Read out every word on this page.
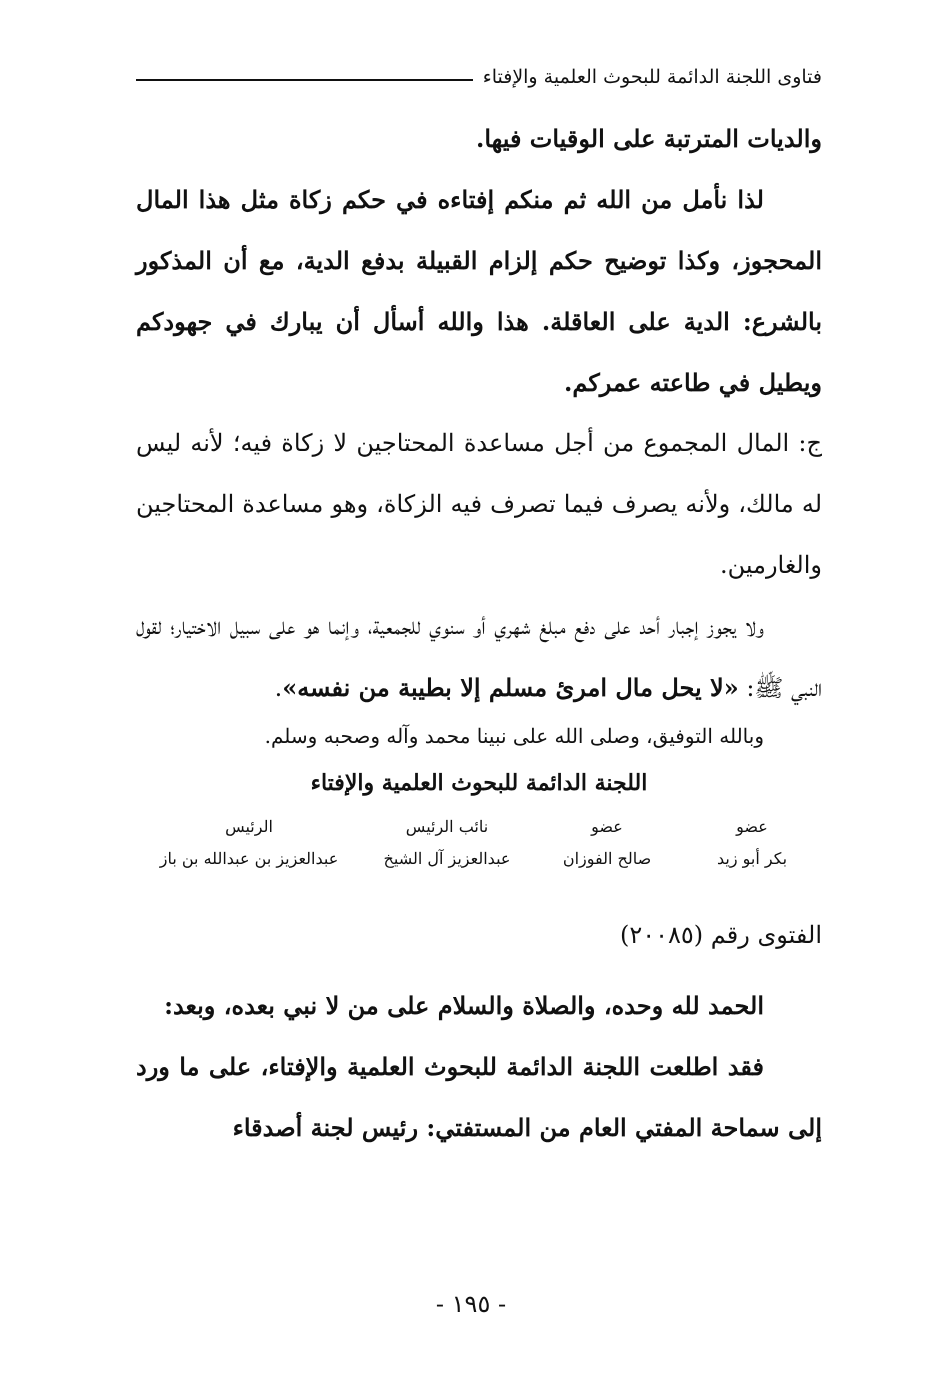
فتاوى اللجنة الدائمة للبحوث العلمية والإفتاء

والديات المترتبة على الوقيات فيها.

لذا نأمل من الله ثم منكم إفتاءه في حكم زكاة مثل هذا المال المحجوز، وكذا توضيح حكم إلزام القبيلة بدفع الدية، مع أن المذكور بالشرع: الدية على العاقلة. هذا والله أسأل أن يبارك في جهودكم ويطيل في طاعته عمركم.

ج: المال المجموع من أجل مساعدة المحتاجين لا زكاة فيه؛ لأنه ليس له مالك، ولأنه يصرف فيما تصرف فيه الزكاة، وهو مساعدة المحتاجين والغارمين.

ولا يجوز إجبار أحد على دفع مبلغ شهري أو سنوي للجمعية، وإنما هو على سبيل الاختيار؛ لقول النبي ﷺ: «لا يحل مال امرئ مسلم إلا بطيبة من نفسه».

وبالله التوفيق، وصلى الله على نبينا محمد وآله وصحبه وسلم.

اللجنة الدائمة للبحوث العلمية والإفتاء
عضو
بكر أبو زيد
عضو
صالح الفوزان
نائب الرئيس
عبدالعزيز آل الشيخ
الرئيس
عبدالعزيز بن عبدالله بن باز

الفتوى رقم (٢٠٠٨٥)

الحمد لله وحده، والصلاة والسلام على من لا نبي بعده، وبعد:

فقد اطلعت اللجنة الدائمة للبحوث العلمية والإفتاء، على ما ورد إلى سماحة المفتي العام من المستفتي: رئيس لجنة أصدقاء

- ١٩٥ -
